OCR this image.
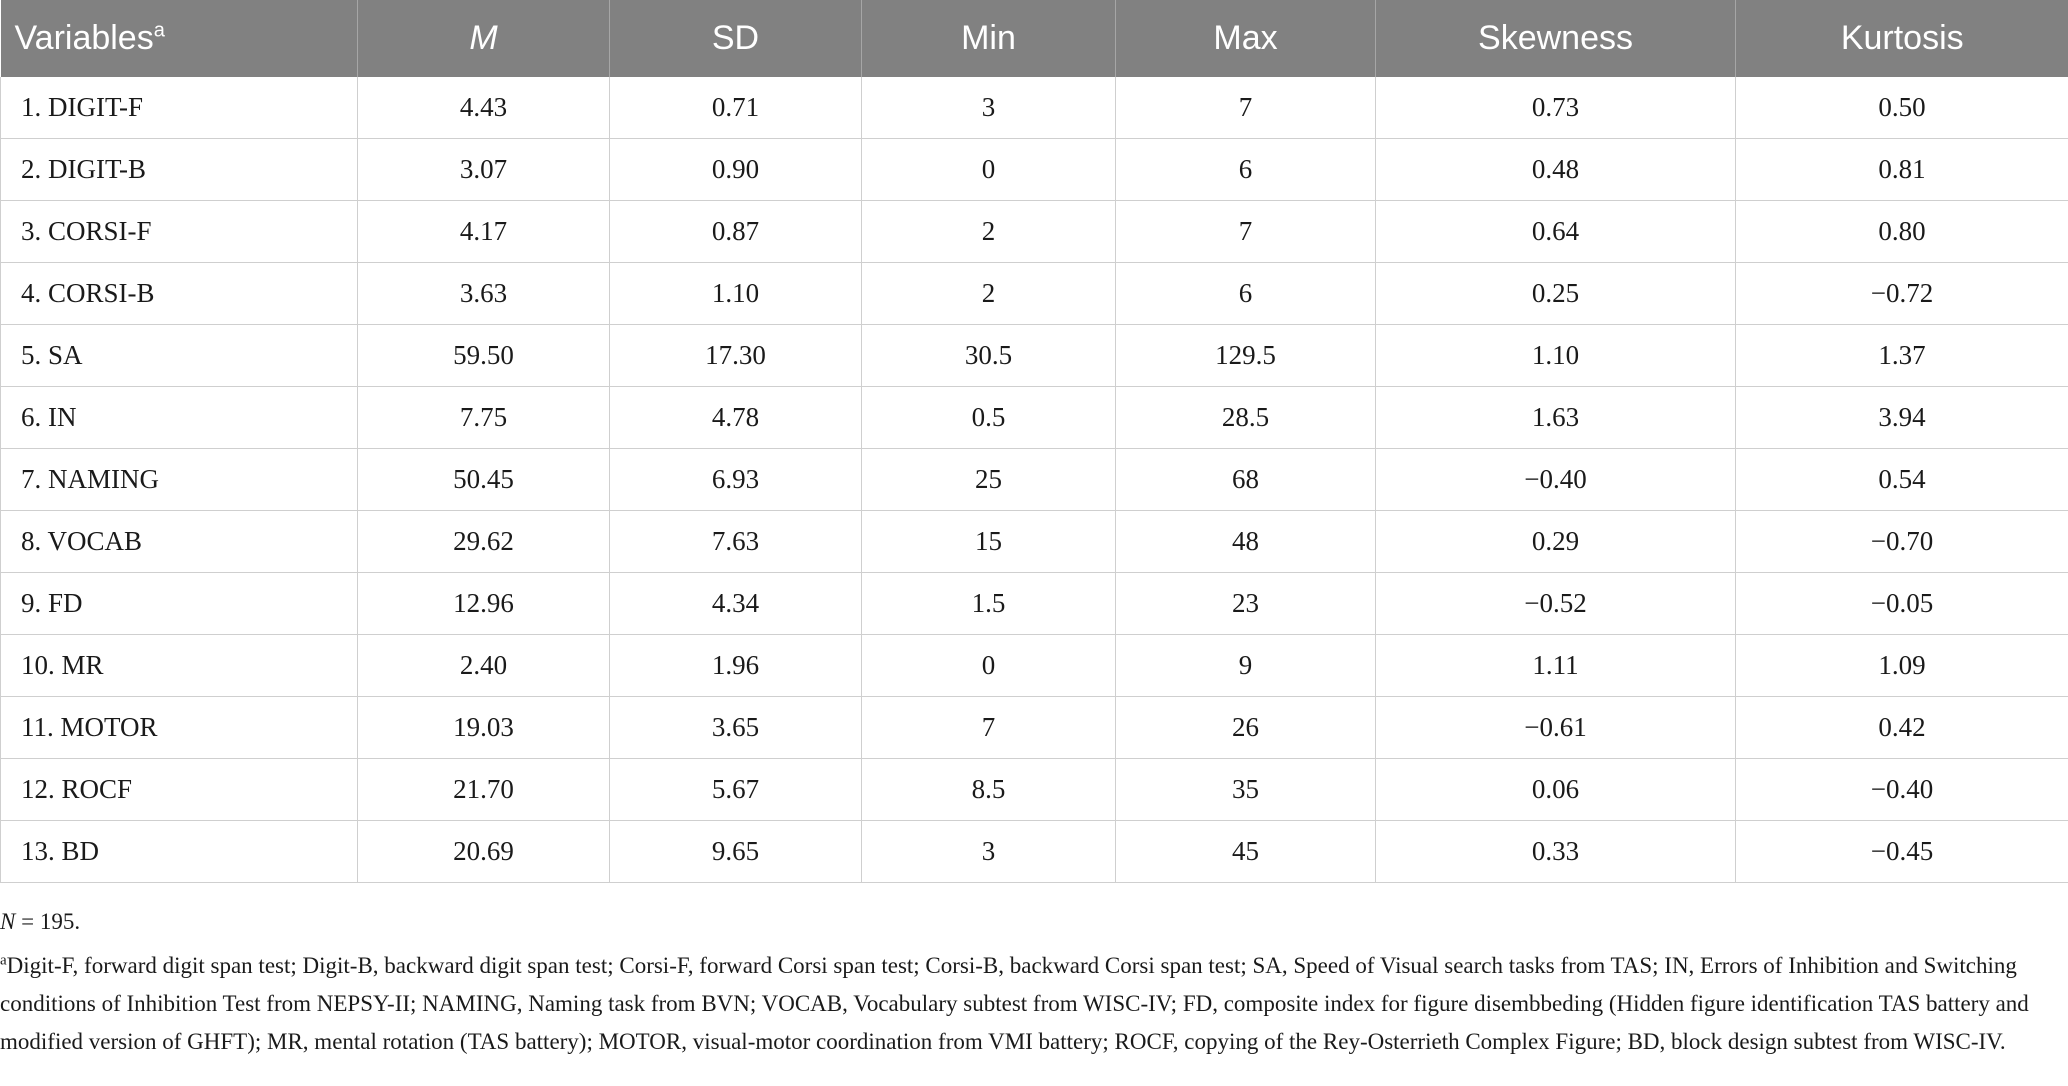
Variables$^a$	M	SD	Min	Max	Skewness	Kurtosis
1. DIGIT-F	4.43	0.71	3	7	0.73	0.50
2. DIGIT-B	3.07	0.90	0	6	0.48	0.81
3. CORSI-F	4.17	0.87	2	7	0.64	0.80
4. CORSI-B	3.63	1.10	2	6	0.25	−0.72
5. SA	59.50	17.30	30.5	129.5	1.10	1.37
6. IN	7.75	4.78	0.5	28.5	1.63	3.94
7. NAMING	50.45	6.93	25	68	−0.40	0.54
8. VOCAB	29.62	7.63	15	48	0.29	−0.70
9. FD	12.96	4.34	1.5	23	−0.52	−0.05
10. MR	2.40	1.96	0	9	1.11	1.09
11. MOTOR	19.03	3.65	7	26	−0.61	0.42
12. ROCF	21.70	5.67	8.5	35	0.06	−0.40
13. BD	20.69	9.65	3	45	0.33	−0.45
N = 195.
$^a$Digit-F, forward digit span test; Digit-B, backward digit span test; Corsi-F, forward Corsi span test; Corsi-B, backward Corsi span test; SA, Speed of Visual search tasks from TAS; IN, Errors of Inhibition and Switching conditions of Inhibition Test from NEPSY-II; NAMING, Naming task from BVN; VOCAB, Vocabulary subtest from WISC-IV; FD, composite index for figure disembbeding (Hidden figure identification TAS battery and modified version of GHFT); MR, mental rotation (TAS battery); MOTOR, visual-motor coordination from VMI battery; ROCF, copying of the Rey-Osterrieth Complex Figure; BD, block design subtest from WISC-IV.
